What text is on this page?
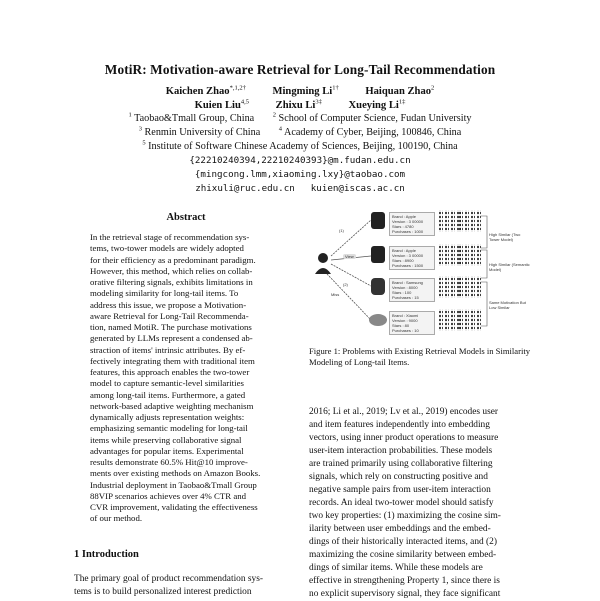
MotiR: Motivation-aware Retrieval for Long-Tail Recommendation
Kaichen Zhao$^{*,1,2\dagger}$	Mingming $Li^{1\dagger}$	Haiquan Zhao$^2$
Kuien Liu$^{4,5}$	Zhixu $Li^{3\ddagger}$	Xueying $Li^{1\ddagger}$
$^1$ Taobao&Tmall Group, China	$^2$ School of Computer Science, Fudan University
$^3$ Renmin University of China	$^4$ Academy of Cyber, Beijing, 100846, China
$^5$ Institute of Software Chinese Academy of Sciences, Beijing, 100190, China
{22210240394,22210240393}@m.fudan.edu.cn
{mingcong.lmm,xiaoming.lxy}@taobao.com
zhixuli@ruc.edu.cn kuien@iscas.ac.cn
Abstract
In the retrieval stage of recommendation sys-
tems, two-tower models are widely adopted
for their efficiency as a predominant paradigm.
However, this method, which relies on collab-
orative filtering signals, exhibits limitations in
modeling similarity for long-tail items. To
address this issue, we propose a Motivation-
aware Retrieval for Long-Tail Recommenda-
tion, named MotiR. The purchase motivations
generated by LLMs represent a condensed ab-
straction of items' intrinsic attributes. By ef-
fectively integrating them with traditional item
features, this approach enables the two-tower
model to capture semantic-level similarities
among long-tail items. Furthermore, a gated
network-based adaptive weighting mechanism
dynamically adjusts representation weights:
emphasizing semantic modeling for long-tail
items while preserving collaborative signal
advantages for popular items. Experimental
results demonstrate 60.5% Hit@10 improve-
ments over existing methods on Amazon Books.
Industrial deployment in Taobao&Tmall Group
88VIP scenarios achieves over 4% CTR and
CVR improvement, validating the effectiveness
of our method.
1 Introduction
The primary goal of product recommendation sys-
tems is to build personalized interest prediction
(1)
(2)
View
Miss
Brand : Apple
Version : 3 00000
Stars : 4780
Purchases : 1000
Brand : Apple
Version : 3 00000
Stars : 8900
Purchases : 1500
Brand : Samsung
Version : 8000
Stars : 100
Purchases : 15
Brand : Xiaomi
Version : 9000
Stars : 80
Purchases : 10
High Similar (Two Tower Model)
High Similar (Semantic Model)
Same Motivation But Low Similar
Figure 1: Problems with Existing Retrieval Models in Similarity Modeling of Long-tail Items.
2016; Li et al., 2019; Lv et al., 2019) encodes user
and item features independently into embedding
vectors, using inner product operations to measure
user-item interaction probabilities. These models
are trained primarily using collaborative filtering
signals, which rely on constructing positive and
negative sample pairs from user-item interaction
records. An ideal two-tower model should satisfy
two key properties: (1) maximizing the cosine sim-
ilarity between user embeddings and the embed-
dings of their historically interacted items, and (2)
maximizing the cosine similarity between embed-
dings of similar items. While these models are
effective in strengthening Property 1, since there is
no explicit supervisory signal, they face significant
